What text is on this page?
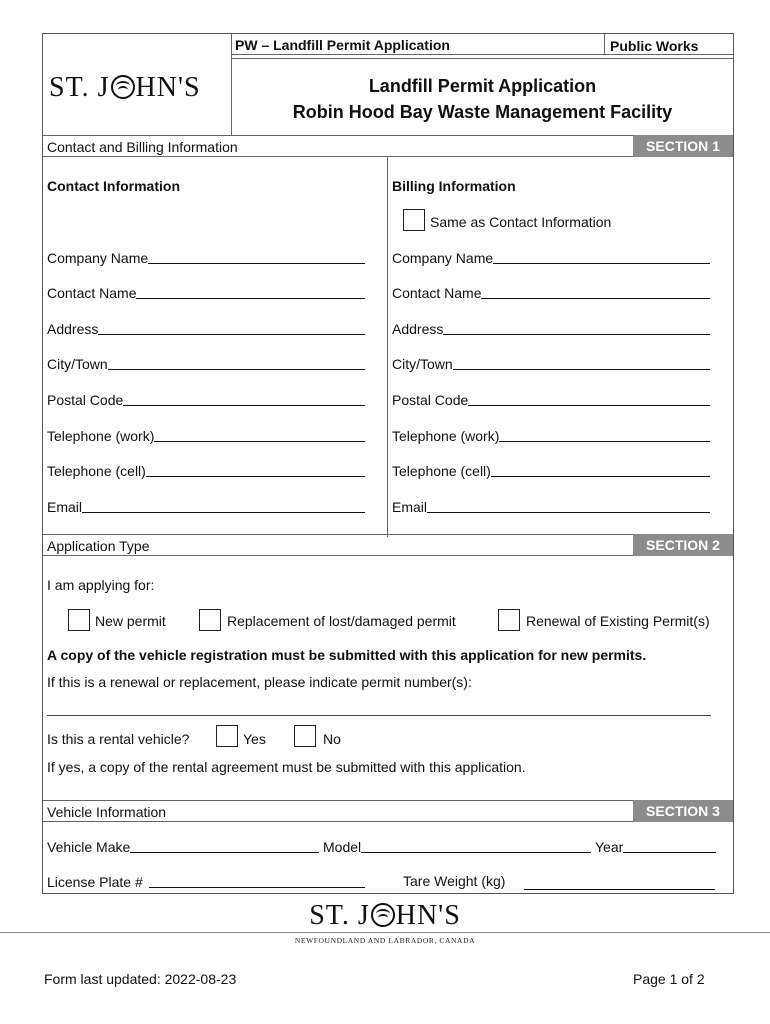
PW – Landfill Permit Application	Public Works
ST. J HN'S	Landfill Permit Application
Robin Hood Bay Waste Management Facility
Contact and Billing Information	SECTION 1
Contact Information	Billing Information
Same as Contact Information
Company Name
Contact Name
Address
City/Town
Postal Code
Telephone (work)
Telephone (cell)
Email
Company Name
Contact Name
Address
City/Town
Postal Code
Telephone (work)
Telephone (cell)
Email
Application Type	SECTION 2
I am applying for:
New permit	Replacement of lost/damaged permit	Renewal of Existing Permit(s)
A copy of the vehicle registration must be submitted with this application for new permits.
If this is a renewal or replacement, please indicate permit number(s):
Is this a rental vehicle?	Yes	No
If yes, a copy of the rental agreement must be submitted with this application.
Vehicle Information	SECTION 3
Vehicle Make	Model	Year
License Plate #	Tare Weight (kg)
ST. J HN'S
NEWFOUNDLAND AND LABRADOR, CANADA
Form last updated: 2022-08-23	Page 1 of 2
